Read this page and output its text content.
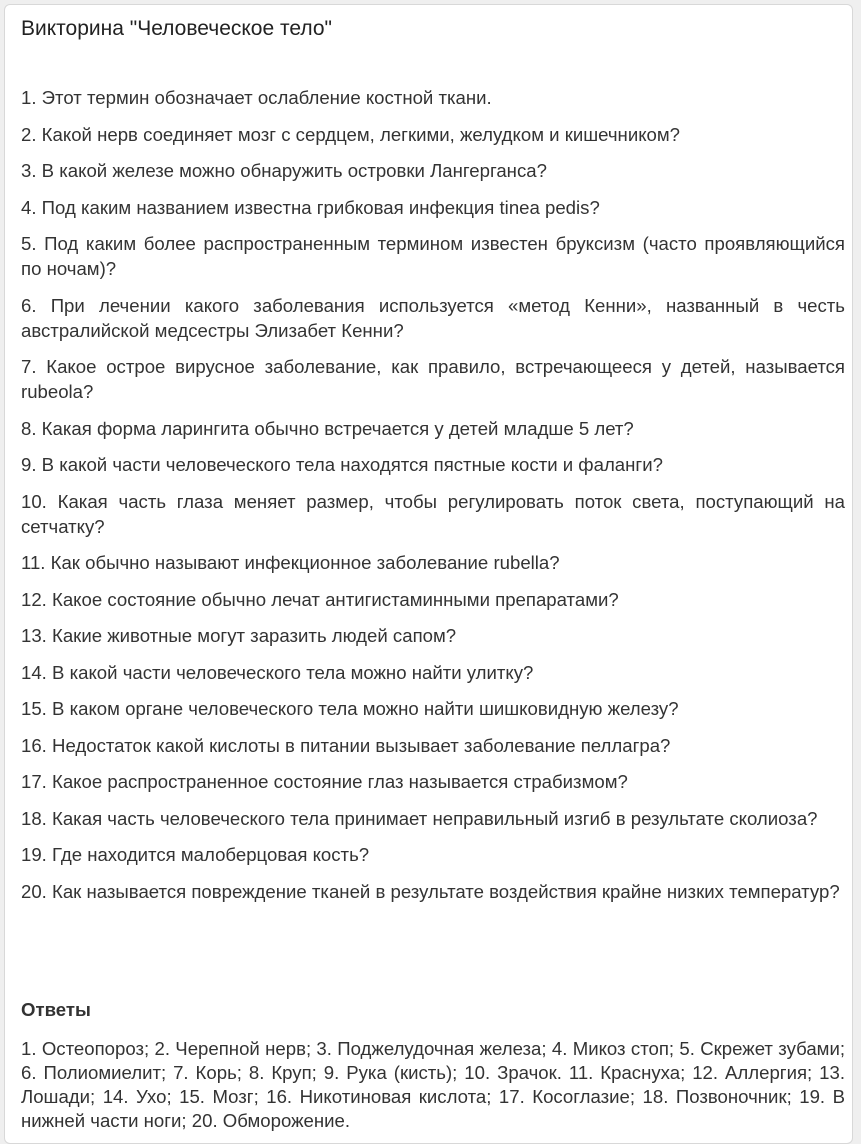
Викторина "Человеческое тело"
1. Этот термин обозначает ослабление костной ткани.
2. Какой нерв соединяет мозг с сердцем, легкими, желудком и кишечником?
3. В какой железе можно обнаружить островки Лангерганса?
4. Под каким названием известна грибковая инфекция tinea pedis?
5. Под каким более распространенным термином известен бруксизм (часто проявляющийся по ночам)?
6. При лечении какого заболевания используется «метод Кенни», названный в честь австралийской медсестры Элизабет Кенни?
7. Какое острое вирусное заболевание, как правило, встречающееся у детей, называется rubeola?
8. Какая форма ларингита обычно встречается у детей младше 5 лет?
9. В какой части человеческого тела находятся пястные кости и фаланги?
10. Какая часть глаза меняет размер, чтобы регулировать поток света, поступающий на сетчатку?
11. Как обычно называют инфекционное заболевание rubella?
12. Какое состояние обычно лечат антигистаминными препаратами?
13. Какие животные могут заразить людей сапом?
14. В какой части человеческого тела можно найти улитку?
15. В каком органе человеческого тела можно найти шишковидную железу?
16. Недостаток какой кислоты в питании вызывает заболевание пеллагра?
17. Какое распространенное состояние глаз называется страбизмом?
18. Какая часть человеческого тела принимает неправильный изгиб в результате сколиоза?
19. Где находится малоберцовая кость?
20. Как называется повреждение тканей в результате воздействия крайне низких температур?
Ответы

1. Остеопороз; 2. Черепной нерв; 3. Поджелудочная железа; 4. Микоз стоп; 5. Скрежет зубами; 6. Полиомиелит; 7. Корь; 8. Круп; 9. Рука (кисть); 10. Зрачок. 11. Краснуха; 12. Аллергия; 13. Лошади; 14. Ухо; 15. Мозг; 16. Никотиновая кислота; 17. Косоглазие; 18. Позвоночник; 19. В нижней части ноги; 20. Обморожение.
